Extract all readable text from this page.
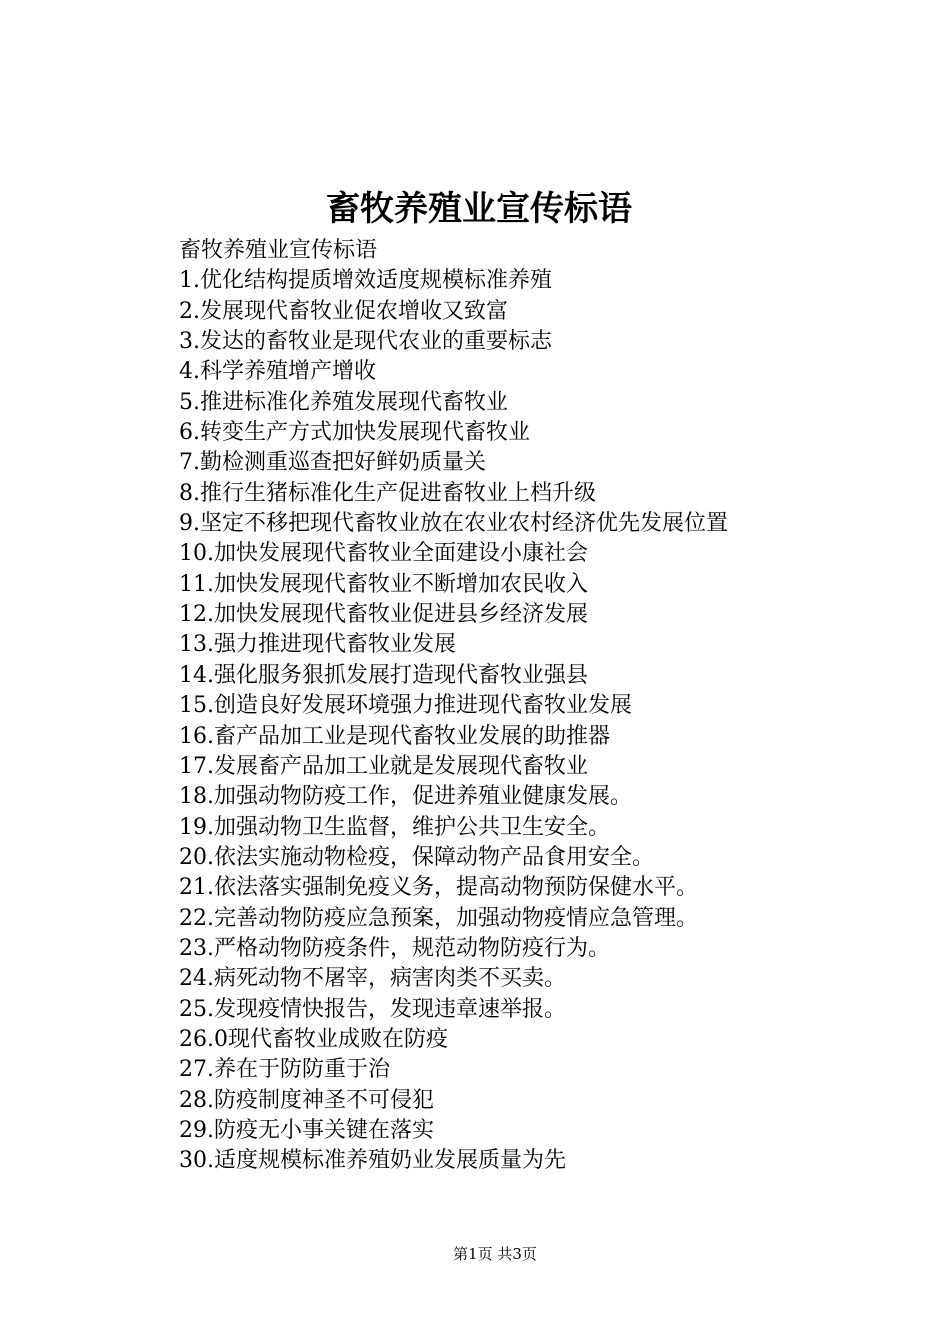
畜牧养殖业宣传标语
畜牧养殖业宣传标语
1.优化结构提质增效适度规模标准养殖
2.发展现代畜牧业促农增收又致富
3.发达的畜牧业是现代农业的重要标志
4.科学养殖增产增收
5.推进标准化养殖发展现代畜牧业
6.转变生产方式加快发展现代畜牧业
7.勤检测重巡查把好鲜奶质量关
8.推行生猪标准化生产促进畜牧业上档升级
9.坚定不移把现代畜牧业放在农业农村经济优先发展位置
10.加快发展现代畜牧业全面建设小康社会
11.加快发展现代畜牧业不断增加农民收入
12.加快发展现代畜牧业促进县乡经济发展
13.强力推进现代畜牧业发展
14.强化服务狠抓发展打造现代畜牧业强县
15.创造良好发展环境强力推进现代畜牧业发展
16.畜产品加工业是现代畜牧业发展的助推器
17.发展畜产品加工业就是发展现代畜牧业
18.加强动物防疫工作，促进养殖业健康发展。
19.加强动物卫生监督，维护公共卫生安全。
20.依法实施动物检疫，保障动物产品食用安全。
21.依法落实强制免疫义务，提高动物预防保健水平。
22.完善动物防疫应急预案，加强动物疫情应急管理。
23.严格动物防疫条件，规范动物防疫行为。
24.病死动物不屠宰，病害肉类不买卖。
25.发现疫情快报告，发现违章速举报。
26.0现代畜牧业成败在防疫
27.养在于防防重于治
28.防疫制度神圣不可侵犯
29.防疫无小事关键在落实
30.适度规模标准养殖奶业发展质量为先
第1页 共3页
